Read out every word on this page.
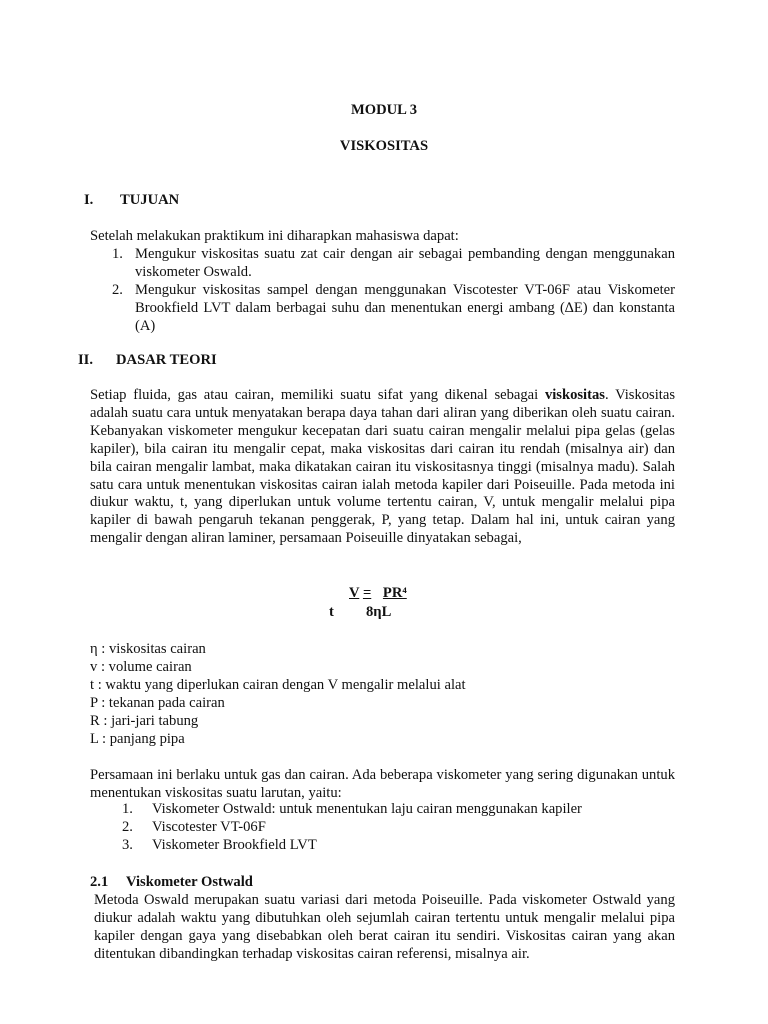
MODUL 3
VISKOSITAS
I. TUJUAN
Setelah melakukan praktikum ini diharapkan mahasiswa dapat:
1. Mengukur viskositas suatu zat cair dengan air sebagai pembanding dengan menggunakan viskometer Oswald.
2. Mengukur viskositas sampel dengan menggunakan Viscotester VT-06F atau Viskometer Brookfield LVT dalam berbagai suhu dan menentukan energi ambang (∆E) dan konstanta (A)
II. DASAR TEORI

Setiap fluida, gas atau cairan, memiliki suatu sifat yang dikenal sebagai viskositas. Viskositas adalah suatu cara untuk menyatakan berapa daya tahan dari aliran yang diberikan oleh suatu cairan. Kebanyakan viskometer mengukur kecepatan dari suatu cairan mengalir melalui pipa gelas (gelas kapiler), bila cairan itu mengalir cepat, maka viskositas dari cairan itu rendah (misalnya air) dan bila cairan mengalir lambat, maka dikatakan cairan itu viskositasnya tinggi (misalnya madu). Salah satu cara untuk menentukan viskositas cairan ialah metoda kapiler dari Poiseuille. Pada metoda ini diukur waktu, t, yang diperlukan untuk volume tertentu cairan, V, untuk mengalir melalui pipa kapiler di bawah pengaruh tekanan penggerak, P, yang tetap. Dalam hal ini, untuk cairan yang mengalir dengan aliran laminer, persamaan Poiseuille dinyatakan sebagai,

V = PR⁴
t 8ηL
η : viskositas cairan
v : volume cairan
t : waktu yang diperlukan cairan dengan V mengalir melalui alat
P : tekanan pada cairan
R : jari-jari tabung
L : panjang pipa
Persamaan ini berlaku untuk gas dan cairan. Ada beberapa viskometer yang sering digunakan untuk menentukan viskositas suatu larutan, yaitu:
1. Viskometer Ostwald: untuk menentukan laju cairan menggunakan kapiler
2. Viscotester VT-06F
3. Viskometer Brookfield LVT
2.1 Viskometer Ostwald
Metoda Oswald merupakan suatu variasi dari metoda Poiseuille. Pada viskometer Ostwald yang diukur adalah waktu yang dibutuhkan oleh sejumlah cairan tertentu untuk mengalir melalui pipa kapiler dengan gaya yang disebabkan oleh berat cairan itu sendiri. Viskositas cairan yang akan ditentukan dibandingkan terhadap viskositas cairan referensi, misalnya air.
